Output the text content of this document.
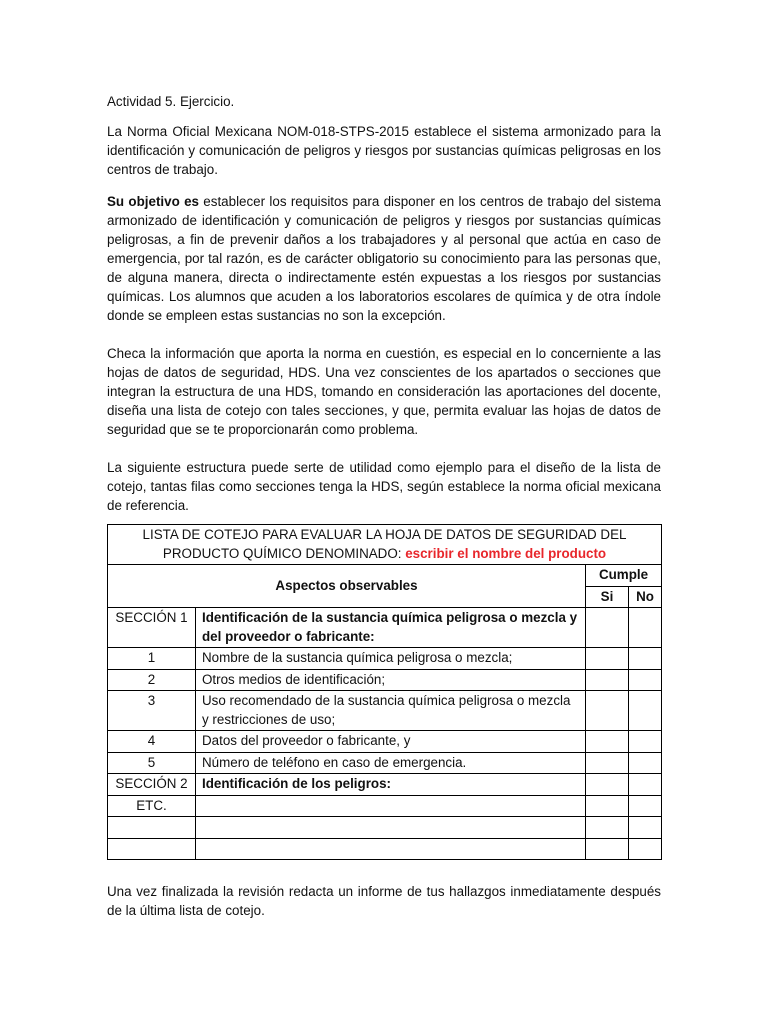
Actividad 5. Ejercicio.

La Norma Oficial Mexicana NOM-018-STPS-2015 establece el sistema armonizado para la identificación y comunicación de peligros y riesgos por sustancias químicas peligrosas en los centros de trabajo.

Su objetivo es establecer los requisitos para disponer en los centros de trabajo del sistema armonizado de identificación y comunicación de peligros y riesgos por sustancias químicas peligrosas, a fin de prevenir daños a los trabajadores y al personal que actúa en caso de emergencia, por tal razón, es de carácter obligatorio su conocimiento para las personas que, de alguna manera, directa o indirectamente estén expuestas a los riesgos por sustancias químicas. Los alumnos que acuden a los laboratorios escolares de química y de otra índole donde se empleen estas sustancias no son la excepción.

Checa la información que aporta la norma en cuestión, es especial en lo concerniente a las hojas de datos de seguridad, HDS. Una vez conscientes de los apartados o secciones que integran la estructura de una HDS, tomando en consideración las aportaciones del docente, diseña una lista de cotejo con tales secciones, y que, permita evaluar las hojas de datos de seguridad que se te proporcionarán como problema.

La siguiente estructura puede serte de utilidad como ejemplo para el diseño de la lista de cotejo, tantas filas como secciones tenga la HDS, según establece la norma oficial mexicana de referencia.

LISTA DE COTEJO PARA EVALUAR LA HOJA DE DATOS DE SEGURIDAD DEL PRODUCTO QUÍMICO DENOMINADO: escribir el nombre del producto			
Aspectos observables		Cumple	
		Si	No
SECCIÓN 1	Identificación de la sustancia química peligrosa o mezcla y del proveedor o fabricante:		
1	Nombre de la sustancia química peligrosa o mezcla;		
2	Otros medios de identificación;		
3	Uso recomendado de la sustancia química peligrosa o mezcla y restricciones de uso;		
4	Datos del proveedor o fabricante, y		
5	Número de teléfono en caso de emergencia.		
SECCIÓN 2	Identificación de los peligros:		
ETC.			

Una vez finalizada la revisión redacta un informe de tus hallazgos inmediatamente después de la última lista de cotejo.
